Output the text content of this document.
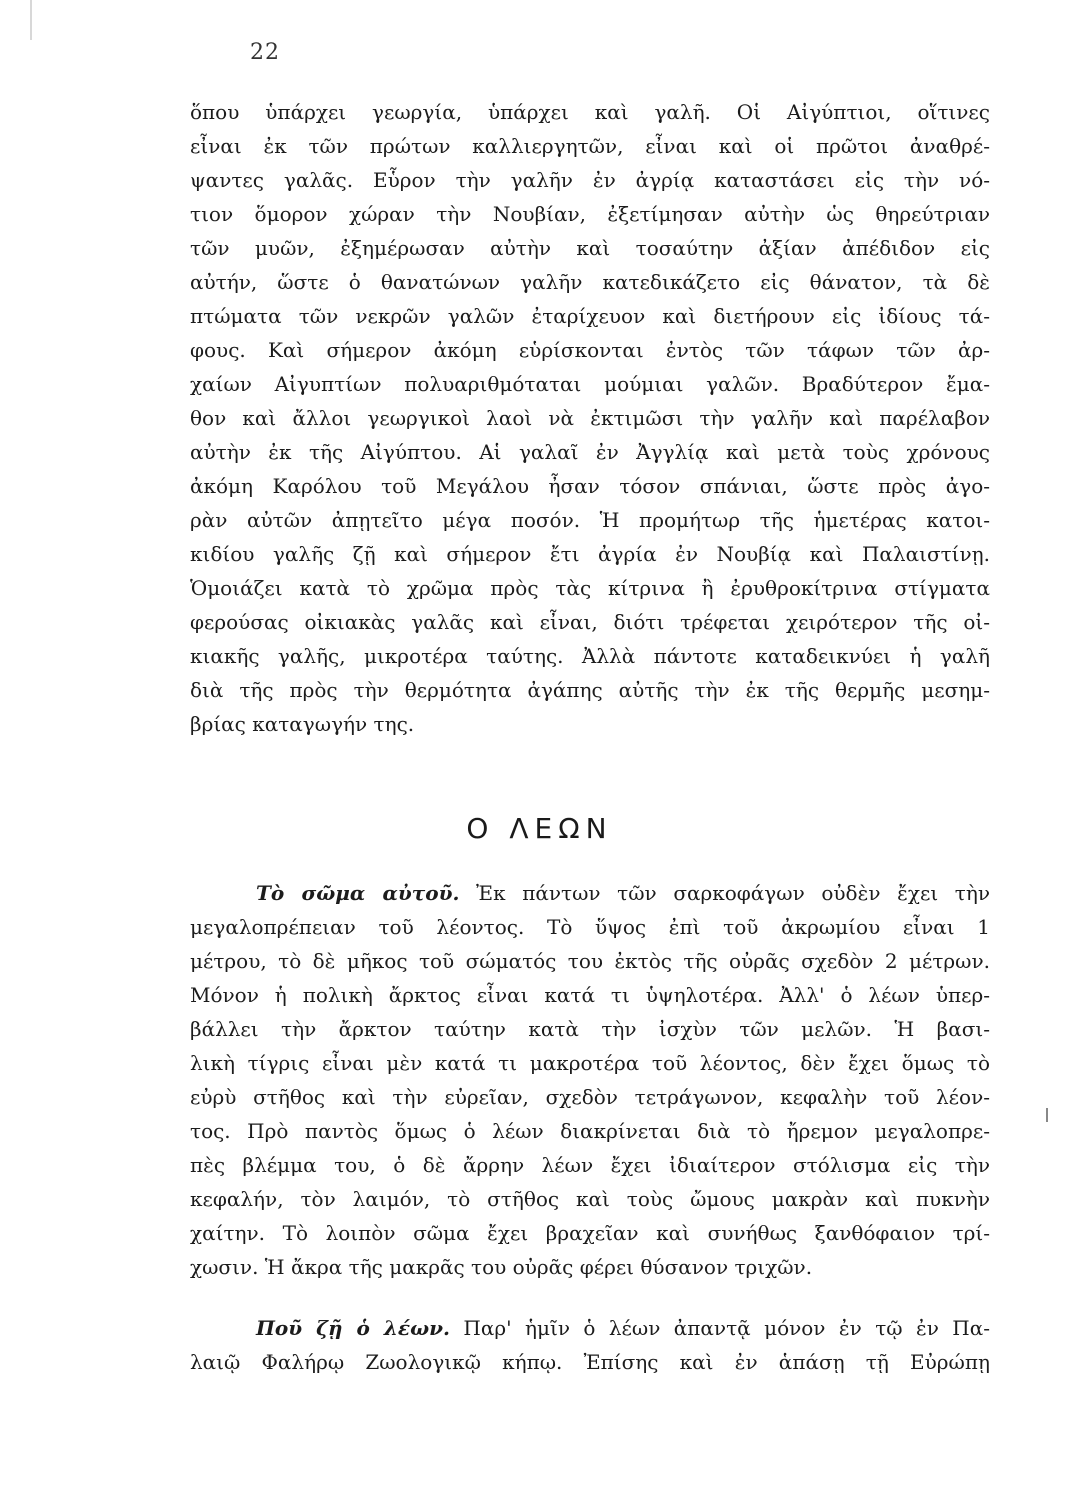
22
ὅπου ὑπάρχει γεωργία, ὑπάρχει καὶ γαλῆ. Οἱ Αἰγύπτιοι, οἵτινες
εἶναι ἐκ τῶν πρώτων καλλιεργητῶν, εἶναι καὶ οἱ πρῶτοι ἀναθρέ-
ψαντες γαλᾶς. Εὗρον τὴν γαλῆν ἐν ἀγρίᾳ καταστάσει εἰς τὴν νό-
τιον ὅμορον χώραν τὴν Νουβίαν, ἐξετίμησαν αὐτὴν ὡς θηρεύτριαν
τῶν μυῶν, ἐξημέρωσαν αὐτὴν καὶ τοσαύτην ἀξίαν ἀπέδιδον εἰς
αὐτήν, ὥστε ὁ θανατώνων γαλῆν κατεδικάζετο εἰς θάνατον, τὰ δὲ
πτώματα τῶν νεκρῶν γαλῶν ἐταρίχευον καὶ διετήρουν εἰς ἰδίους τά-
φους. Καὶ σήμερον ἀκόμη εὑρίσκονται ἐντὸς τῶν τάφων τῶν ἀρ-
χαίων Αἰγυπτίων πολυαριθμόταται μούμιαι γαλῶν. Βραδύτερον ἔμα-
θον καὶ ἄλλοι γεωργικοὶ λαοὶ νὰ ἐκτιμῶσι τὴν γαλῆν καὶ παρέλαβον
αὐτὴν ἐκ τῆς Αἰγύπτου. Αἱ γαλαῖ ἐν Ἀγγλίᾳ καὶ μετὰ τοὺς χρόνους
ἀκόμη Καρόλου τοῦ Μεγάλου ἦσαν τόσον σπάνιαι, ὥστε πρὸς ἀγο-
ρὰν αὐτῶν ἀπῃτεῖτο μέγα ποσόν. Ἡ προμήτωρ τῆς ἡμετέρας κατοι-
κιδίου γαλῆς ζῇ καὶ σήμερον ἔτι ἀγρία ἐν Νουβίᾳ καὶ Παλαιστίνῃ.
Ὁμοιάζει κατὰ τὸ χρῶμα πρὸς τὰς κίτρινα ἢ ἐρυθροκίτρινα στίγματα
φερούσας οἰκιακὰς γαλᾶς καὶ εἶναι, διότι τρέφεται χειρότερον τῆς οἰ-
κιακῆς γαλῆς, μικροτέρα ταύτης. Ἀλλὰ πάντοτε καταδεικνύει ἡ γαλῆ
διὰ τῆς πρὸς τὴν θερμότητα ἀγάπης αὐτῆς τὴν ἐκ τῆς θερμῆς μεσημ-
βρίας καταγωγήν της.
Ο ΛΕΩΝ
Τὸ σῶμα αὐτοῦ. Ἐκ πάντων τῶν σαρκοφάγων οὐδὲν ἔχει τὴν
μεγαλοπρέπειαν τοῦ λέοντος. Τὸ ὕψος ἐπὶ τοῦ ἀκρωμίου εἶναι 1
μέτρου, τὸ δὲ μῆκος τοῦ σώματός του ἐκτὸς τῆς οὐρᾶς σχεδὸν 2 μέτρων.
Μόνον ἡ πολικὴ ἄρκτος εἶναι κατά τι ὑψηλοτέρα. Ἀλλ' ὁ λέων ὑπερ-
βάλλει τὴν ἄρκτον ταύτην κατὰ τὴν ἰσχὺν τῶν μελῶν. Ἡ βασι-
λικὴ τίγρις εἶναι μὲν κατά τι μακροτέρα τοῦ λέοντος, δὲν ἔχει ὅμως τὸ
εὐρὺ στῆθος καὶ τὴν εὐρεῖαν, σχεδὸν τετράγωνον, κεφαλὴν τοῦ λέον-
τος. Πρὸ παντὸς ὅμως ὁ λέων διακρίνεται διὰ τὸ ἤρεμον μεγαλοπρε-
πὲς βλέμμα του, ὁ δὲ ἄρρην λέων ἔχει ἰδιαίτερον στόλισμα εἰς τὴν
κεφαλήν, τὸν λαιμόν, τὸ στῆθος καὶ τοὺς ὤμους μακρὰν καὶ πυκνὴν
χαίτην. Τὸ λοιπὸν σῶμα ἔχει βραχεῖαν καὶ συνήθως ξανθόφαιον τρί-
χωσιν. Ἡ ἄκρα τῆς μακρᾶς του οὐρᾶς φέρει θύσανον τριχῶν.
Ποῦ ζῇ ὁ λέων. Παρ' ἡμῖν ὁ λέων ἀπαντᾷ μόνον ἐν τῷ ἐν Πα-
λαιῷ Φαλήρῳ Ζωολογικῷ κήπῳ. Ἐπίσης καὶ ἐν ἁπάσῃ τῇ Εὐρώπῃ
